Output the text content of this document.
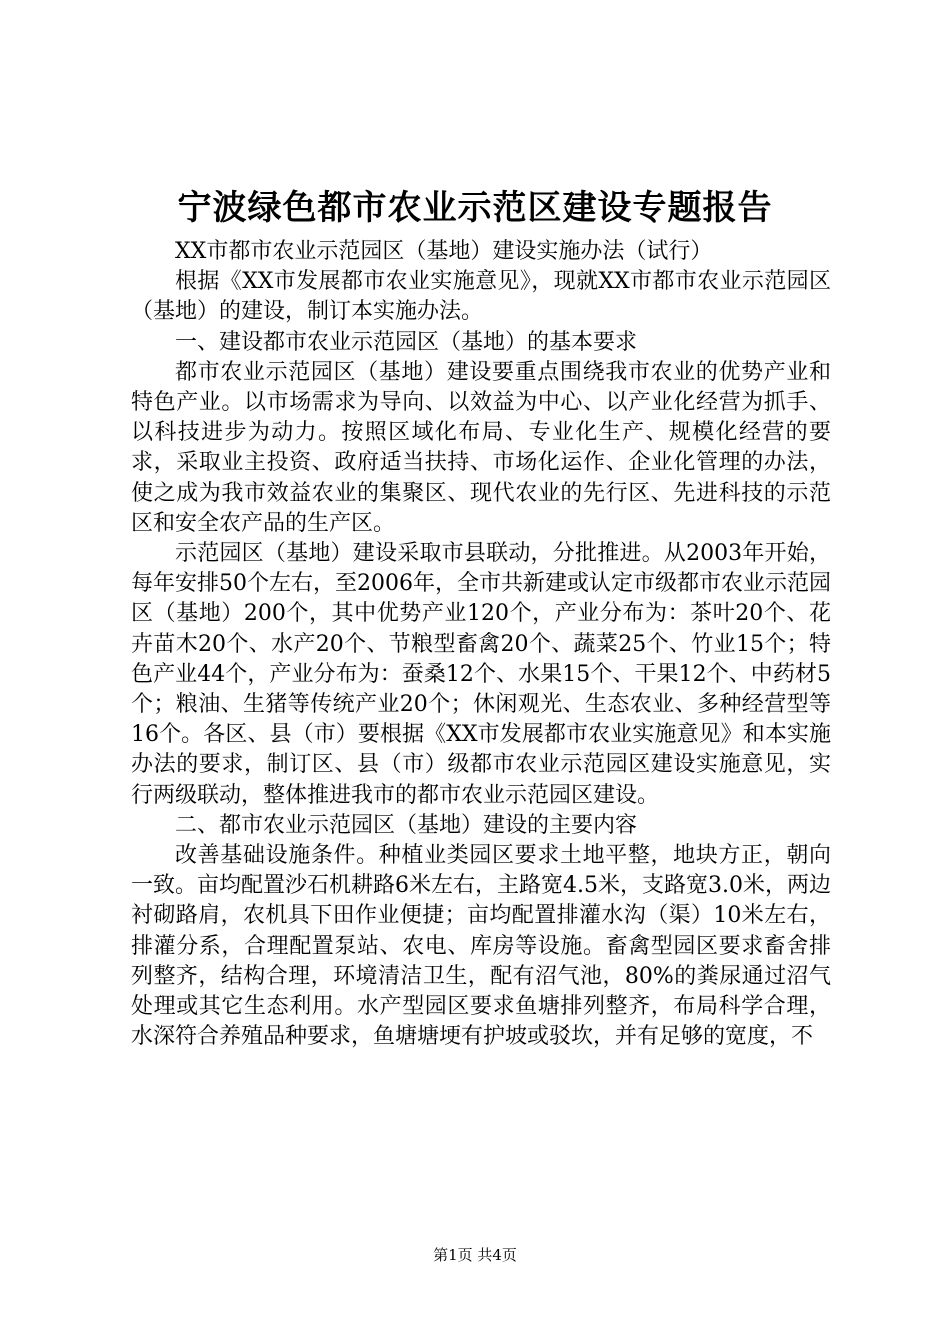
宁波绿色都市农业示范区建设专题报告

XX市都市农业示范园区（基地）建设实施办法（试行）

根据《XX市发展都市农业实施意见》，现就XX市都市农业示范园区（基地）的建设，制订本实施办法。

一、建设都市农业示范园区（基地）的基本要求

都市农业示范园区（基地）建设要重点围绕我市农业的优势产业和特色产业。以市场需求为导向、以效益为中心、以产业化经营为抓手、以科技进步为动力。按照区域化布局、专业化生产、规模化经营的要求，采取业主投资、政府适当扶持、市场化运作、企业化管理的办法，使之成为我市效益农业的集聚区、现代农业的先行区、先进科技的示范区和安全农产品的生产区。

示范园区（基地）建设采取市县联动，分批推进。从2003年开始，每年安排50个左右，至2006年，全市共新建或认定市级都市农业示范园区（基地）200个，其中优势产业120个，产业分布为：茶叶20个、花卉苗木20个、水产20个、节粮型畜禽20个、蔬菜25个、竹业15个；特色产业44个，产业分布为：蚕桑12个、水果15个、干果12个、中药材5个；粮油、生猪等传统产业20个；休闲观光、生态农业、多种经营型等16个。各区、县（市）要根据《XX市发展都市农业实施意见》和本实施办法的要求，制订区、县（市）级都市农业示范园区建设实施意见，实行两级联动，整体推进我市的都市农业示范园区建设。

二、都市农业示范园区（基地）建设的主要内容

改善基础设施条件。种植业类园区要求土地平整，地块方正，朝向一致。亩均配置沙石机耕路6米左右，主路宽4.5米，支路宽3.0米，两边衬砌路肩，农机具下田作业便捷；亩均配置排灌水沟（渠）10米左右，排灌分系，合理配置泵站、农电、库房等设施。畜禽型园区要求畜舍排列整齐，结构合理，环境清洁卫生，配有沼气池，80%的粪尿通过沼气处理或其它生态利用。水产型园区要求鱼塘排列整齐，布局科学合理，水深符合养殖品种要求，鱼塘塘埂有护坡或驳坎，并有足够的宽度，不

第1页 共4页
